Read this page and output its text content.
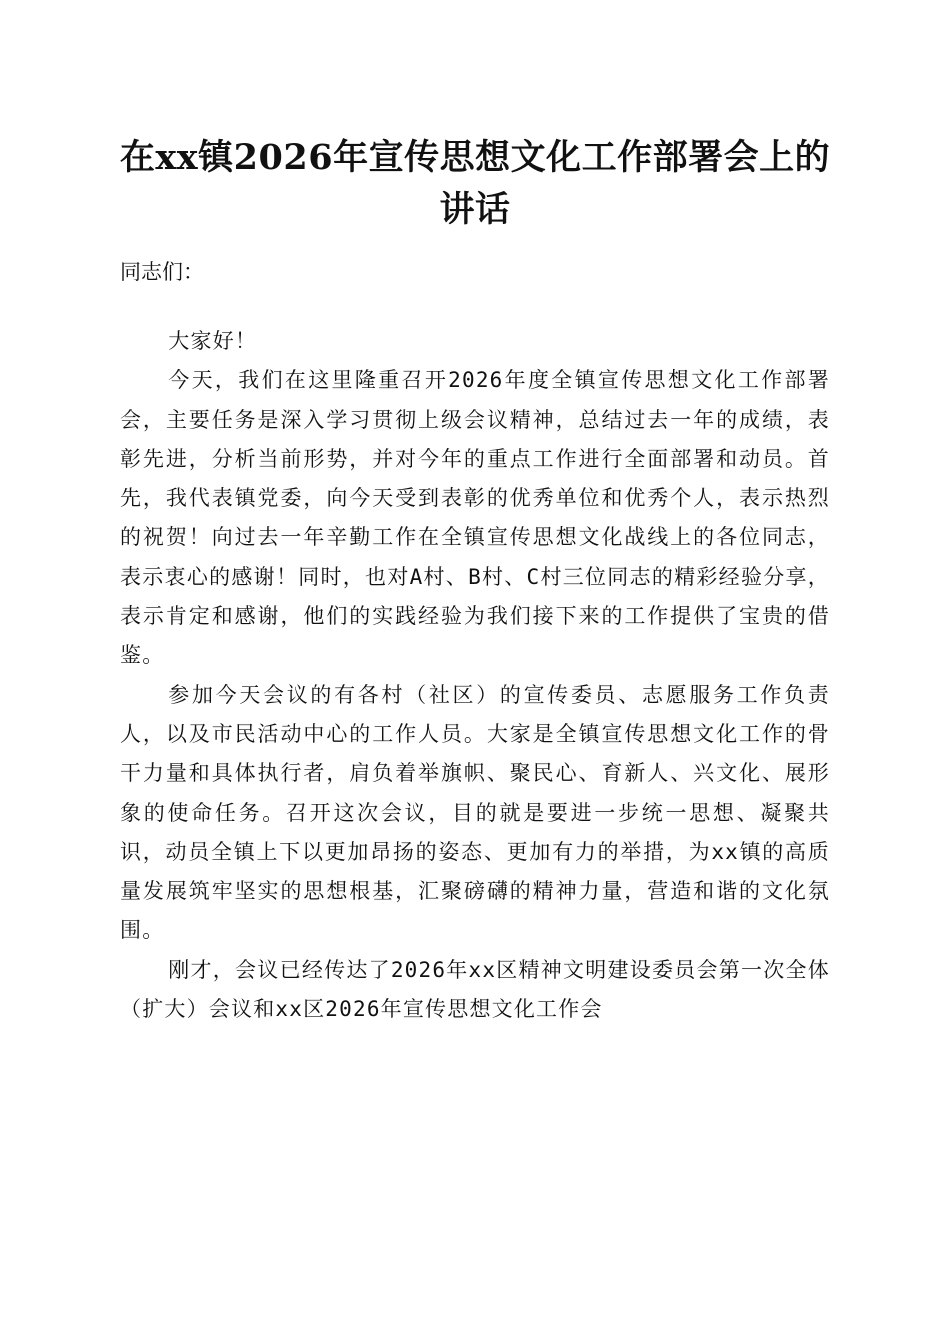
在xx镇2026年宣传思想文化工作部署会上的讲话
同志们：

大家好！

今天，我们在这里隆重召开2026年度全镇宣传思想文化工作部署会，主要任务是深入学习贯彻上级会议精神，总结过去一年的成绩，表彰先进，分析当前形势，并对今年的重点工作进行全面部署和动员。首先，我代表镇党委，向今天受到表彰的优秀单位和优秀个人，表示热烈的祝贺！向过去一年辛勤工作在全镇宣传思想文化战线上的各位同志，表示衷心的感谢！同时，也对A村、B村、C村三位同志的精彩经验分享，表示肯定和感谢，他们的实践经验为我们接下来的工作提供了宝贵的借鉴。

参加今天会议的有各村（社区）的宣传委员、志愿服务工作负责人，以及市民活动中心的工作人员。大家是全镇宣传思想文化工作的骨干力量和具体执行者，肩负着举旗帜、聚民心、育新人、兴文化、展形象的使命任务。召开这次会议，目的就是要进一步统一思想、凝聚共识，动员全镇上下以更加昂扬的姿态、更加有力的举措，为xx镇的高质量发展筑牢坚实的思想根基，汇聚磅礴的精神力量，营造和谐的文化氛围。

刚才，会议已经传达了2026年xx区精神文明建设委员会第一次全体（扩大）会议和xx区2026年宣传思想文化工作会
